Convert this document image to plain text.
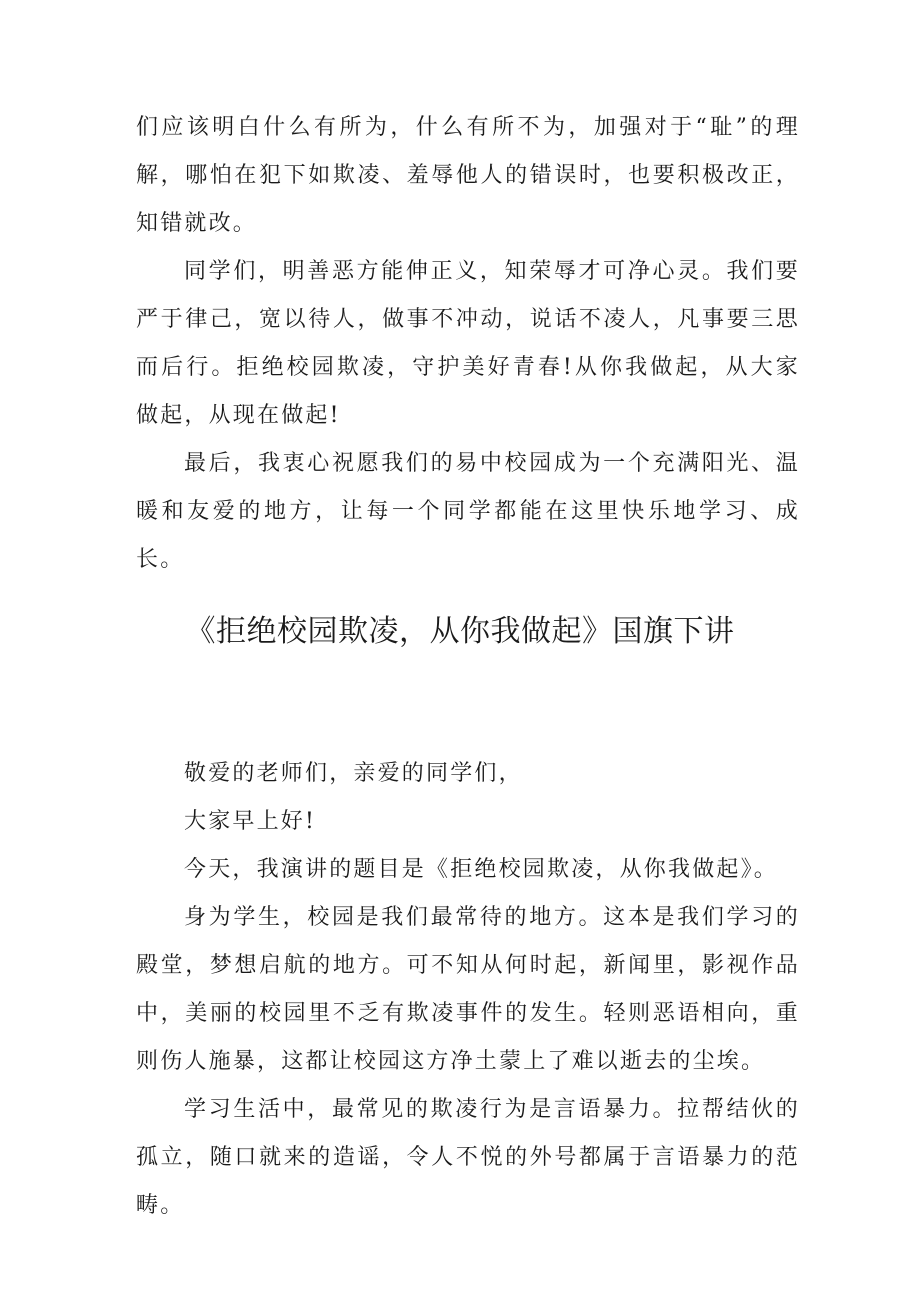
们应该明白什么有所为，什么有所不为，加强对于“耻”的理解，哪怕在犯下如欺凌、羞辱他人的错误时，也要积极改正，知错就改。

同学们，明善恶方能伸正义，知荣辱才可净心灵。我们要严于律己，宽以待人，做事不冲动，说话不凌人，凡事要三思而后行。拒绝校园欺凌，守护美好青春!从你我做起，从大家做起，从现在做起!

最后，我衷心祝愿我们的易中校园成为一个充满阳光、温暖和友爱的地方，让每一个同学都能在这里快乐地学习、成长。

《拒绝校园欺凌，从你我做起》国旗下讲

敬爱的老师们，亲爱的同学们，

大家早上好!

今天，我演讲的题目是《拒绝校园欺凌，从你我做起》。

身为学生，校园是我们最常待的地方。这本是我们学习的殿堂，梦想启航的地方。可不知从何时起，新闻里，影视作品中，美丽的校园里不乏有欺凌事件的发生。轻则恶语相向，重则伤人施暴，这都让校园这方净土蒙上了难以逝去的尘埃。

学习生活中，最常见的欺凌行为是言语暴力。拉帮结伙的孤立，随口就来的造谣，令人不悦的外号都属于言语暴力的范畴。
